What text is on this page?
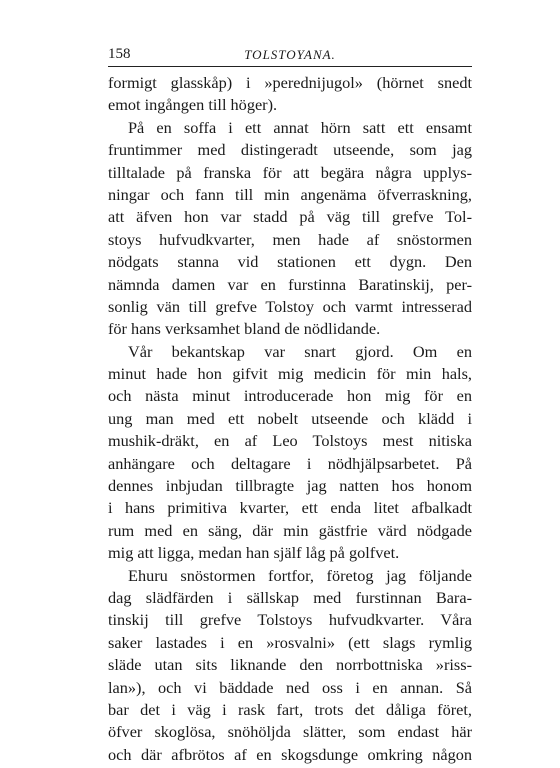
158	TOLSTOYANA.
formigt glasskåp) i »perednijugol» (hörnet snedt
emot ingången till höger).
På en soffa i ett annat hörn satt ett ensamt
fruntimmer med distingeradt utseende, som jag
tilltalade på franska för att begära några upplys-
ningar och fann till min angenäma öfverraskning,
att äfven hon var stadd på väg till grefve Tol-
stoys hufvudkvarter, men hade af snöstormen
nödgats stanna vid stationen ett dygn. Den
nämnda damen var en furstinna Baratinskij, per-
sonlig vän till grefve Tolstoy och varmt intresserad
för hans verksamhet bland de nödlidande.
Vår bekantskap var snart gjord. Om en
minut hade hon gifvit mig medicin för min hals,
och nästa minut introducerade hon mig för en
ung man med ett nobelt utseende och klädd i
mushik-dräkt, en af Leo Tolstoys mest nitiska
anhängare och deltagare i nödhjälpsarbetet. På
dennes inbjudan tillbragte jag natten hos honom
i hans primitiva kvarter, ett enda litet afbalkadt
rum med en säng, där min gästfrie värd nödgade
mig att ligga, medan han själf låg på golfvet.
Ehuru snöstormen fortfor, företog jag följande
dag slädfärden i sällskap med furstinnan Bara-
tinskij till grefve Tolstoys hufvudkvarter. Våra
saker lastades i en »rosvalni» (ett slags rymlig
släde utan sits liknande den norrbottniska »riss-
lan»), och vi bäddade ned oss i en annan. Så
bar det i väg i rask fart, trots det dåliga föret,
öfver skoglösa, snöhöljda slätter, som endast här
och där afbrötos af en skogsdunge omkring någon
